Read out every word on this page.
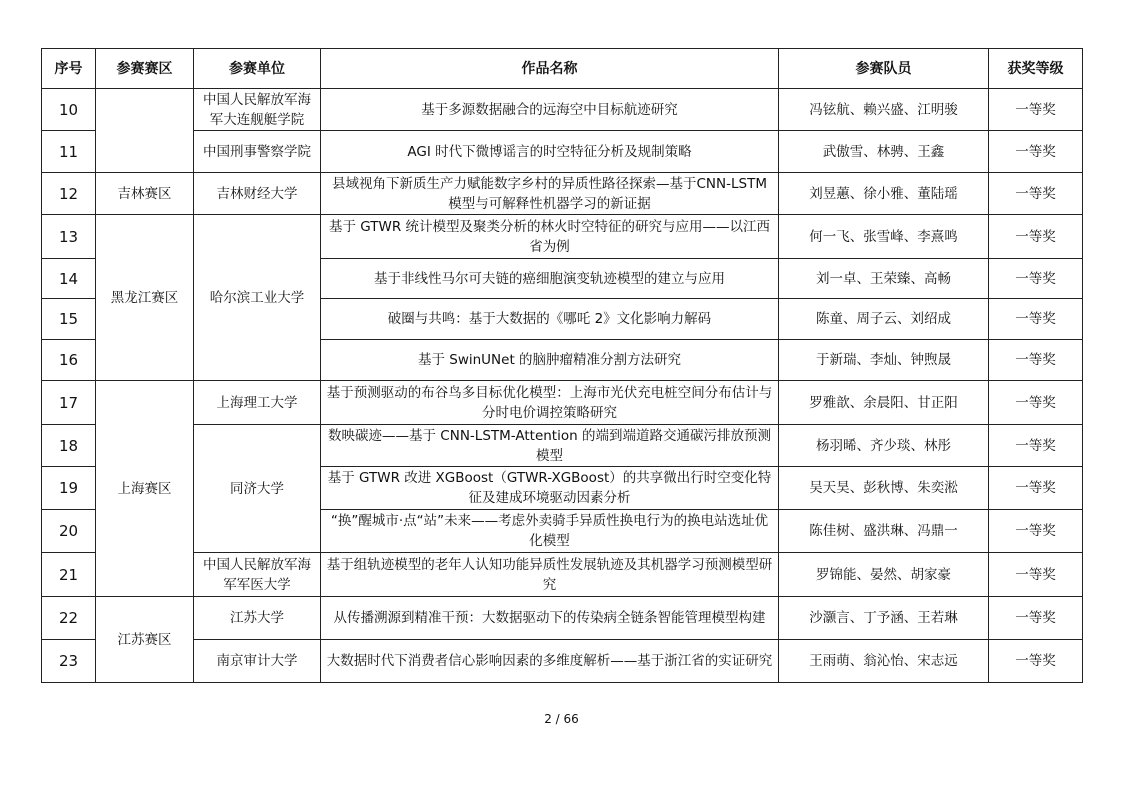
序号	参赛赛区	参赛单位	作品名称	参赛队员	获奖等级
10		中国人民解放军海军大连舰艇学院	基于多源数据融合的远海空中目标航迹研究	冯铉航、赖兴盛、江明骏	一等奖
11		中国刑事警察学院	AGI 时代下微博谣言的时空特征分析及规制策略	武傲雪、林骋、王鑫	一等奖
12	吉林赛区	吉林财经大学	县域视角下新质生产力赋能数字乡村的异质性路径探索—基于CNN-LSTM 模型与可解释性机器学习的新证据	刘昱蕙、徐小雅、董陆瑶	一等奖
13	黑龙江赛区	哈尔滨工业大学	基于 GTWR 统计模型及聚类分析的林火时空特征的研究与应用——以江西省为例	何一飞、张雪峰、李熹鸣	一等奖
14			基于非线性马尔可夫链的癌细胞演变轨迹模型的建立与应用	刘一卓、王荣臻、高畅	一等奖
15			破圈与共鸣：基于大数据的《哪吒 2》文化影响力解码	陈童、周子云、刘绍成	一等奖
16			基于 SwinUNet 的脑肿瘤精准分割方法研究	于新瑞、李灿、钟煦晟	一等奖
17	上海赛区	上海理工大学	基于预测驱动的布谷鸟多目标优化模型：上海市光伏充电桩空间分布估计与分时电价调控策略研究	罗雅歆、余晨阳、甘正阳	一等奖
18		同济大学	数映碳迹——基于 CNN-LSTM-Attention 的端到端道路交通碳污排放预测模型	杨羽晞、齐少琰、林彤	一等奖
19			基于 GTWR 改进 XGBoost（GTWR-XGBoost）的共享微出行时空变化特征及建成环境驱动因素分析	吴天昊、彭秋博、朱奕淞	一等奖
20			“换”醒城市·点“站”未来——考虑外卖骑手异质性换电行为的换电站选址优化模型	陈佳树、盛洪琳、冯鼎一	一等奖
21		中国人民解放军海军军医大学	基于组轨迹模型的老年人认知功能异质性发展轨迹及其机器学习预测模型研究	罗锦能、晏然、胡家豪	一等奖
22	江苏赛区	江苏大学	从传播溯源到精准干预：大数据驱动下的传染病全链条智能管理模型构建	沙灏言、丁予涵、王若琳	一等奖
23		南京审计大学	大数据时代下消费者信心影响因素的多维度解析——基于浙江省的实证研究	王雨萌、翁沁怡、宋志远	一等奖
2 / 66
